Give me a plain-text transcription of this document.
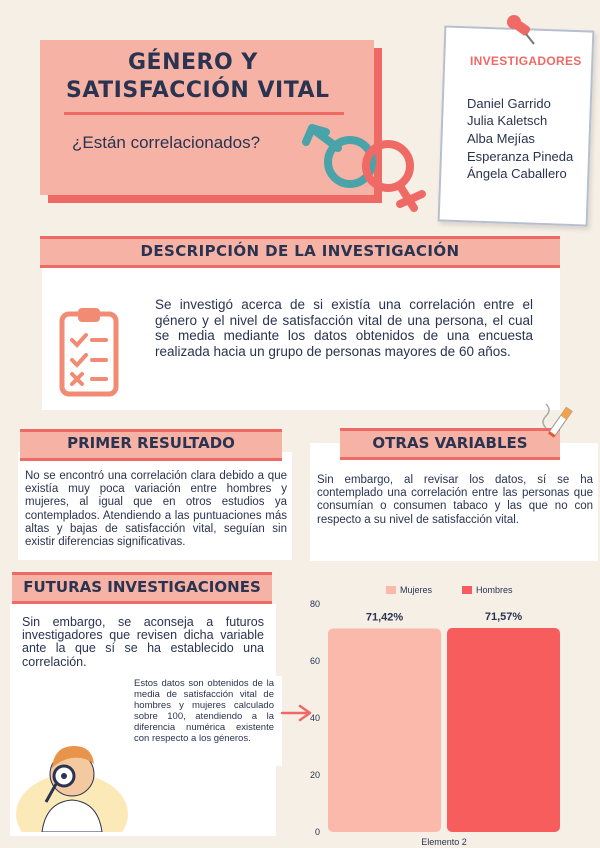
GÉNERO Y
SATISFACCIÓN VITAL
¿Están correlacionados?
INVESTIGADORES
Daniel Garrido
Julia Kaletsch
Alba Mejías
Esperanza Pineda
Ángela Caballero
DESCRIPCIÓN DE LA INVESTIGACIÓN
Se investigó acerca de si existía una correlación entre el género y el nivel de satisfacción vital de una persona, el cual se media mediante los datos obtenidos de una encuesta realizada hacia un grupo de personas mayores de 60 años.
PRIMER RESULTADO
No se encontró una correlación clara debido a que existía muy poca variación entre hombres y mujeres, al igual que en otros estudios ya contemplados. Atendiendo a las puntuaciones más altas y bajas de satisfacción vital, seguían sin existir diferencias significativas.
OTRAS VARIABLES
Sin embargo, al revisar los datos, sí se ha contemplado una correlación entre las personas que consumían o consumen tabaco y las que no con respecto a su nivel de satisfacción vital.
FUTURAS INVESTIGACIONES
Sin embargo, se aconseja a futuros investigadores que revisen dicha variable ante la que sí se ha establecido una correlación.
Estos datos son obtenidos de la media de satisfacción vital de hombres y mujeres calculado sobre 100, atendiendo a la diferencia numérica existente con respecto a los géneros.
0
20
40
60
80
Mujeres	Hombres
71,42%	71,57%
Elemento 2
